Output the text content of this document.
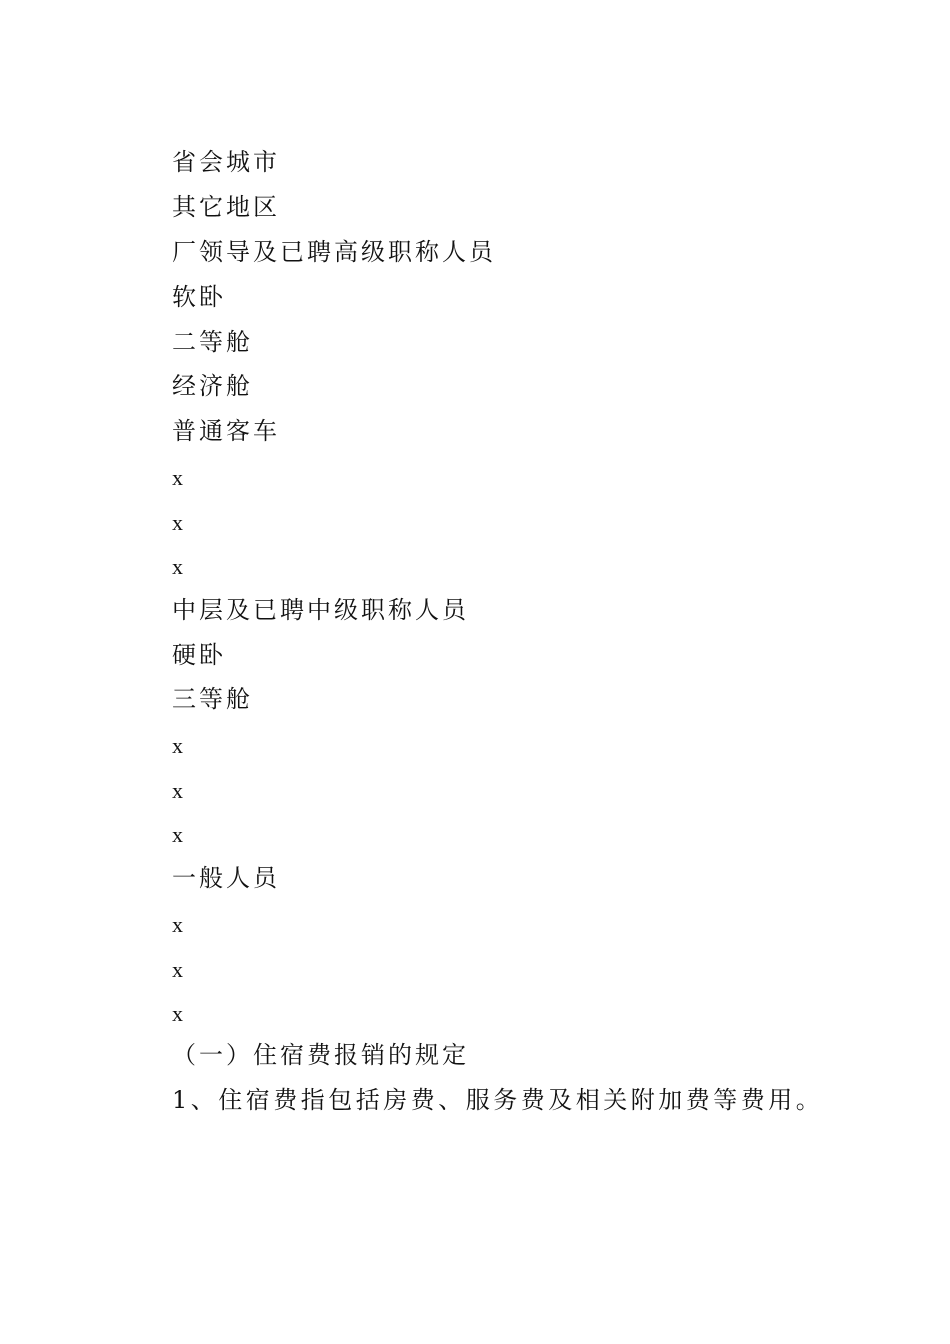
省会城市
其它地区
厂领导及已聘高级职称人员
软卧
二等舱
经济舱
普通客车
x
x
x
中层及已聘中级职称人员
硬卧
三等舱
x
x
x
一般人员
x
x
x
（一）住宿费报销的规定
1、住宿费指包括房费、服务费及相关附加费等费用。
